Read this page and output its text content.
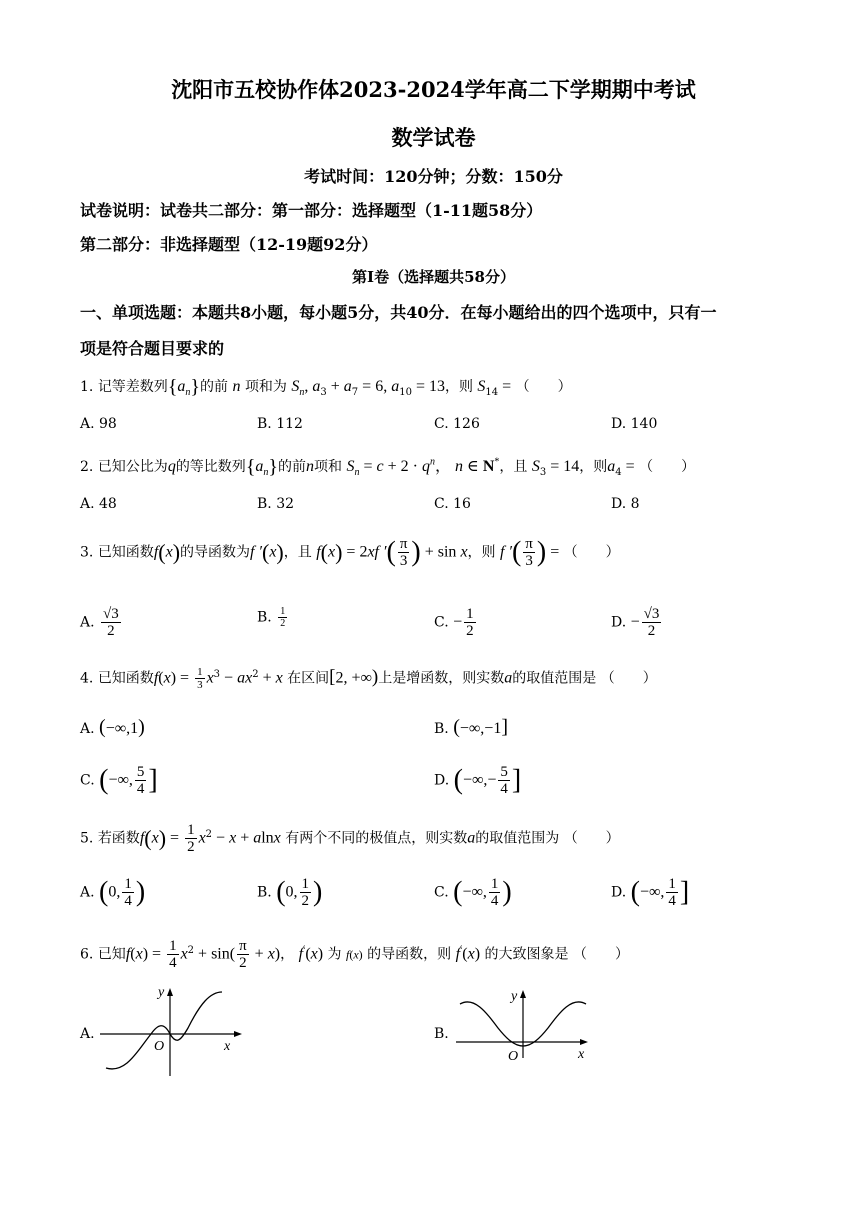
沈阳市五校协作体2023-2024学年高二下学期期中考试
数学试卷
考试时间：120分钟；分数：150分
试卷说明：试卷共二部分：第一部分：选择题型（1-11题58分）
第二部分：非选择题型（12-19题92分）
第I卷（选择题共58分）
一、单项选题：本题共8小题，每小题5分，共40分．在每小题给出的四个选项中，只有一
项是符合题目要求的
1. 记等差数列$\{a_n\}$的前 n 项和为 $S_n$, $a_3 + a_7 = 6$, $a_{10} = 13$，则 $S_{14}$ = （　　）
A. 98	B. 112	C. 126	D. 140
2. 已知公比为q的等比数列$\{a_n\}$的前n项和 $S_n = c + 2 \cdot q^n$， n ∈ N*，且 $S_3 = 14$，则$a_4$ = （　　）
A. 48	B. 32	C. 16	D. 8
3. 已知函数f(x)的导函数为f ′(x)，且 f(x) = 2xf ′( $\frac{\pi}{3}$ ) + sin x，则 f ′( $\frac{\pi}{3}$ ) = （　　）
A. $\frac{√3}{2}$	B. $\frac{1}{2}$	C. − $\frac{1}{2}$	D. − $\frac{√3}{2}$
4. 已知函数$f(x) = \frac{1}{3} x^3 - ax^2 + x$ 在区间[2, +∞)上是增函数，则实数a的取值范围是 （　　）
A. (−∞,1)	B. (−∞,−1]
C. (−∞, $\frac{5}{4}$ ]	D. (−∞,− $\frac{5}{4}$ ]
5. 若函数$f(x) = \frac{1}{2} x^2 - x + alnx$ 有两个不同的极值点，则实数a的取值范围为 （　　）
A. (0, $\frac{1}{4}$ )	B. (0, $\frac{1}{2}$ )	C. (−∞, $\frac{1}{4}$ )	D. (−∞, $\frac{1}{4}$ ]
6. 已知$f(x) = \frac{1}{4} x^2 + \sin( \frac{\pi}{2} + x)$， f′(x) 为 f(x) 的导函数，则 f′(x) 的大致图象是 （　　）
A.
y
x
O
B.
y
x
O
